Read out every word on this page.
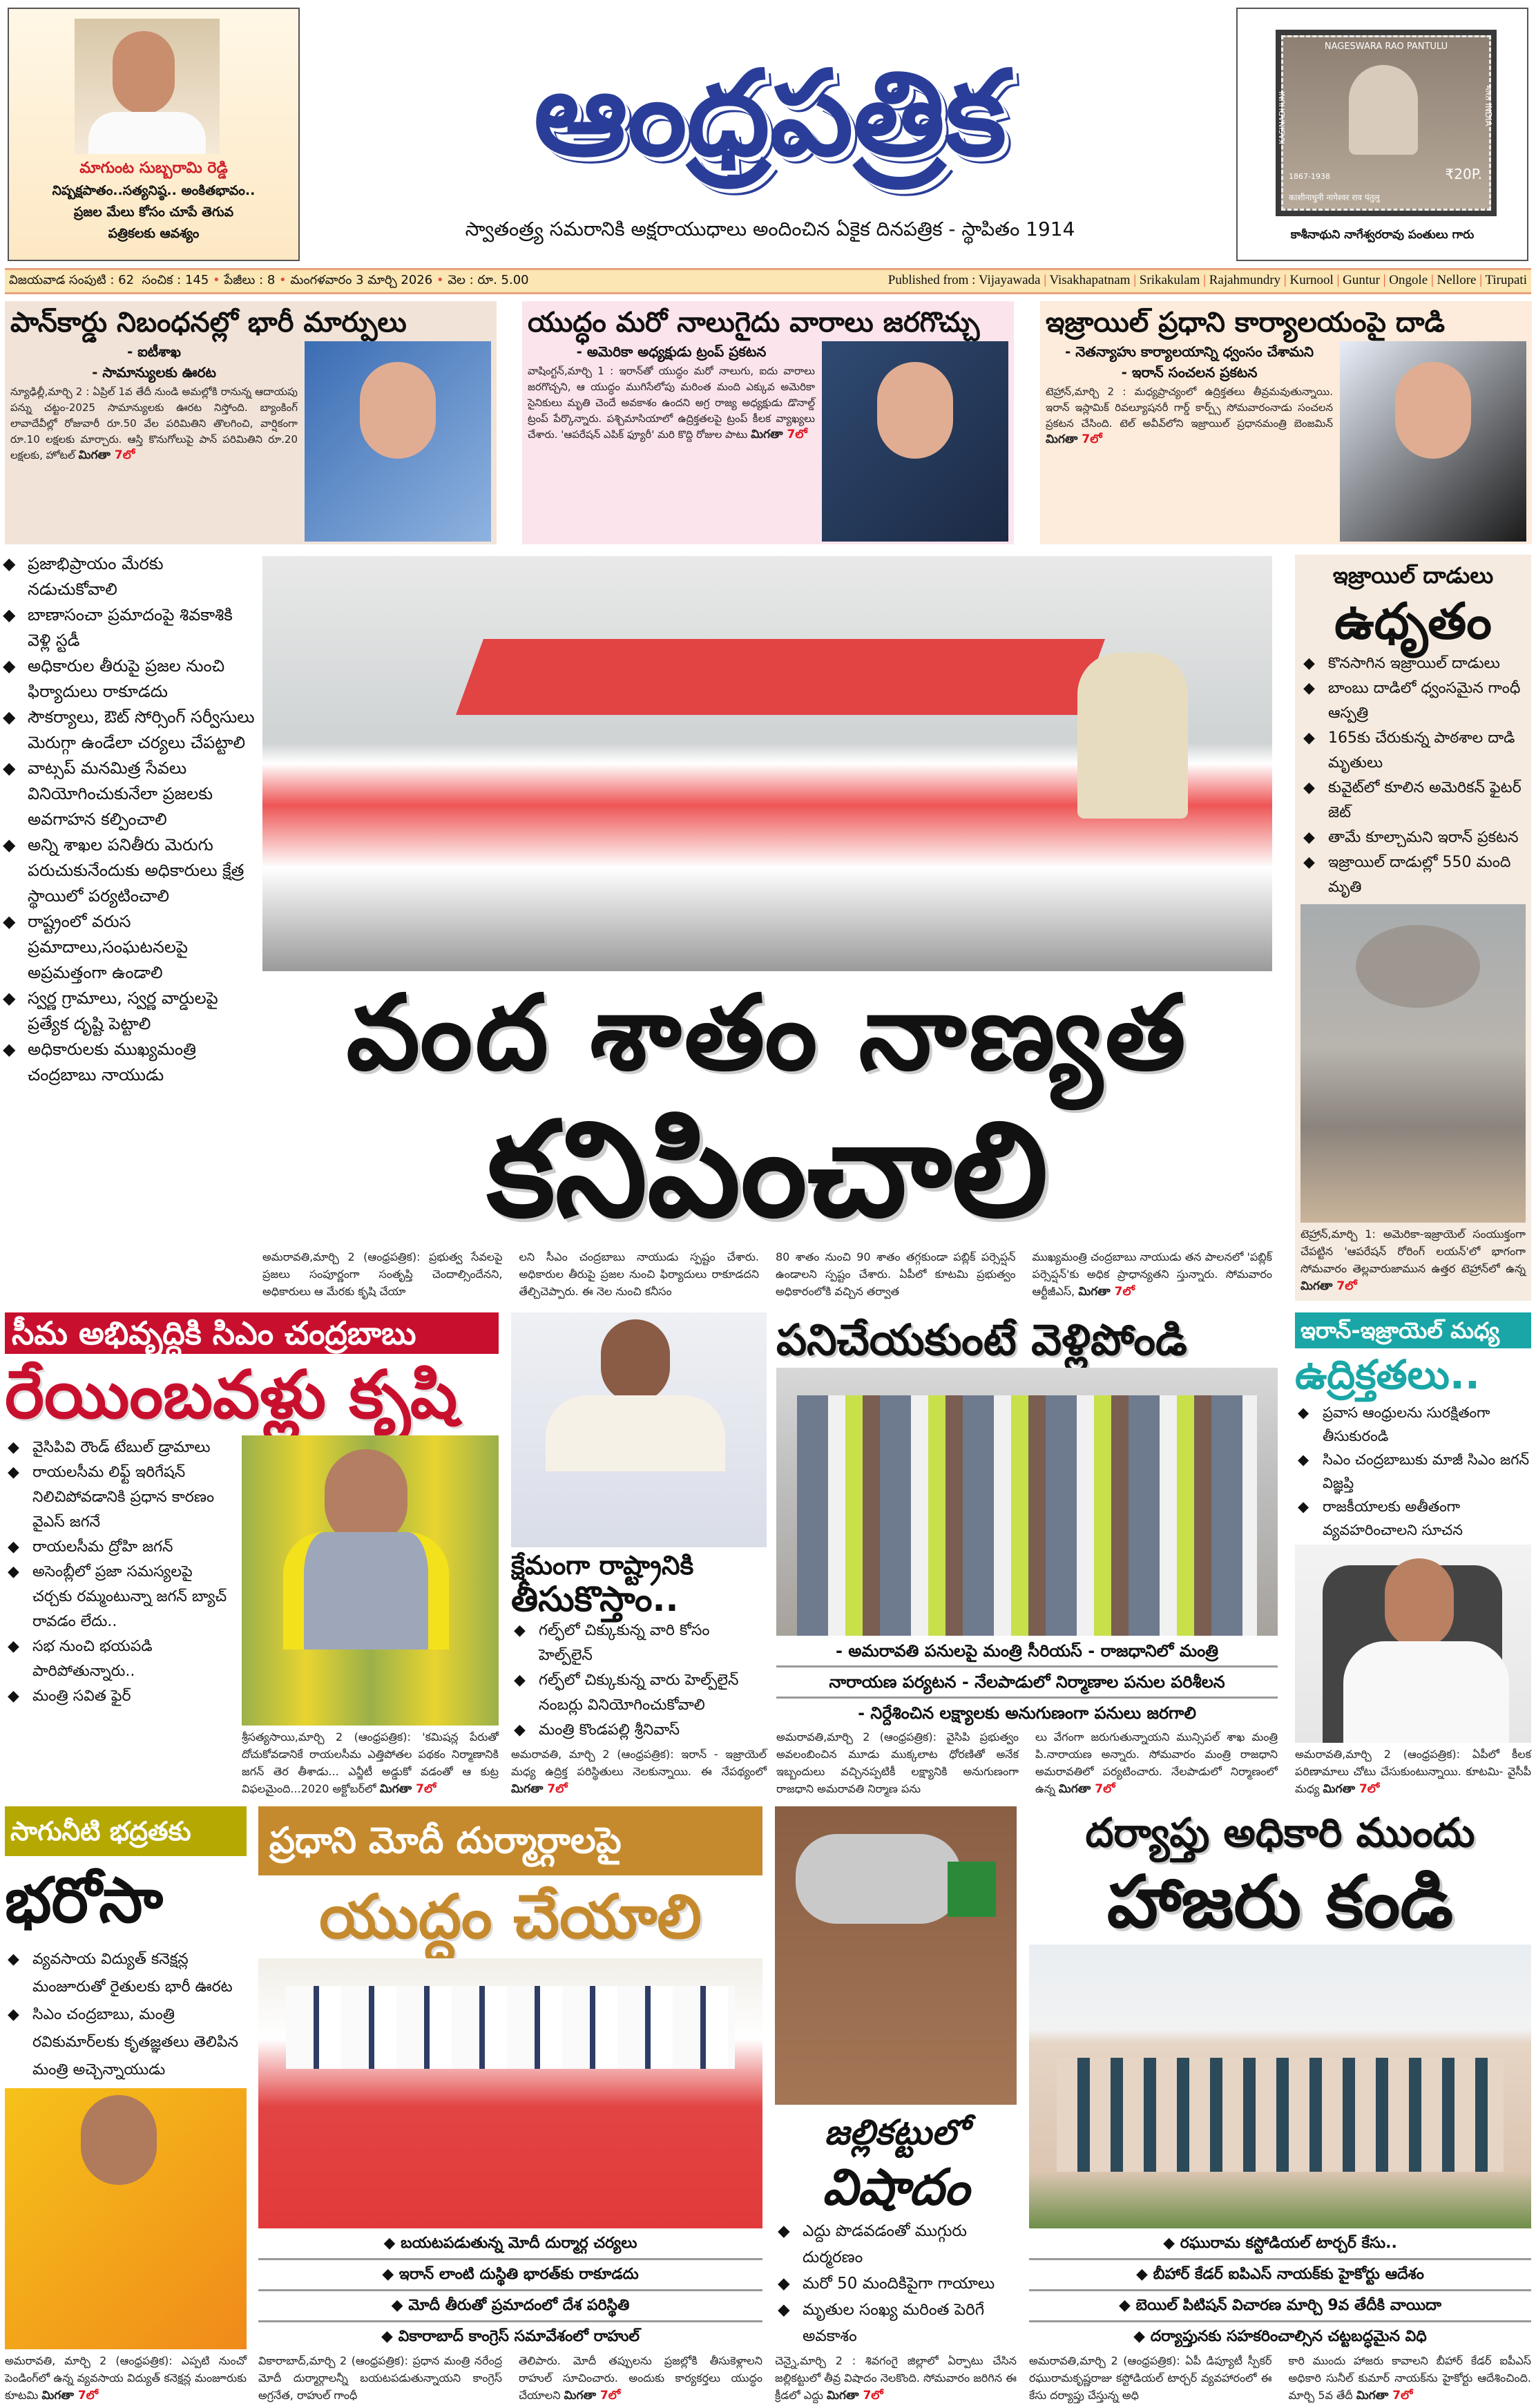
మాగుంట సుబ్బరామి రెడ్డి
నిష్పక్షపాతం..సత్యనిష్ఠ.. అంకితభావం..
ప్రజల మేలు కోసం చూపే తెగువ
పత్రికలకు ఆవశ్యం
ఆంధ్రపత్రిక
స్వాతంత్ర్య సమరానికి అక్షరాయుధాలు అందించిన ఏకైక దినపత్రిక - స్థాపితం 1914
NAGESWARA RAO PANTULU
KASINADHUNI	भारत INDIA
1867-1938	₹20P.
काशीनाधुनी नागेश्वर राव पंतुलु
కాశీనాథుని నాగేశ్వరరావు పంతులు గారు
విజయవాడ సంపుటి : 62 సంచిక : 145 • పేజీలు : 8 • మంగళవారం 3 మార్చి 2026 • వెల : రూ. 5.00	Published from : Vijayawada | Visakhapatnam | Srikakulam | Rajahmundry | Kurnool | Guntur | Ongole | Nellore | Tirupati
పాన్‌కార్డు నిబంధనల్లో భారీ మార్పులు
- ఐటీశాఖ
- సామాన్యులకు ఊరట
న్యూఢిల్లీ,మార్చి 2 : ఏప్రిల్ 1వ తేదీ నుండి అమల్లోకి రానున్న ఆదాయపు పన్ను చట్టం-2025 సామాన్యులకు ఊరట నిస్తోంది. బ్యాంకింగ్ లావాదేవీల్లో రోజువారీ రూ.50 వేల పరిమితిని తొలగించి, వార్షికంగా రూ.10 లక్షలకు మార్చారు. ఆస్తి కొనుగోలుపై పాన్ పరిమితిని రూ.20 లక్షలకు, హోటల్ మిగతా 7లో
యుద్ధం మరో నాలుగైదు వారాలు జరగొచ్చు
- అమెరికా అధ్యక్షుడు ట్రంప్ ప్రకటన
వాషింగ్టన్,మార్చి 1 : ఇరాన్‌తో యుద్ధం మరో నాలుగు, ఐదు వారాలు జరగొచ్చని, ఆ యుద్ధం ముగిసేలోపు మరింత మంది ఎక్కువ అమెరికా సైనికులు మృతి చెందే అవకాశం ఉందని అగ్ర రాజ్య అధ్యక్షుడు డొనాల్డ్ ట్రంప్ పేర్కొన్నారు. పశ్చిమాసియాలో ఉద్రిక్తతలపై ట్రంప్ కీలక వ్యాఖ్యలు చేశారు. 'ఆపరేషన్ ఎపిక్ ఫ్యూరీ' మరి కొద్ది రోజుల పాటు మిగతా 7లో
ఇజ్రాయిల్ ప్రధాని కార్యాలయంపై దాడి
- నెతన్యాహు కార్యాలయాన్ని ధ్వంసం చేశామని
- ఇరాన్ సంచలన ప్రకటన
టెహ్రాన్,మార్చి 2 : మధ్యప్రాచ్యంలో ఉద్రిక్తతలు తీవ్రమవుతున్నాయి. ఇరాన్ ఇస్లామిక్ రివల్యూషనరీ గార్డ్ కార్ప్స్ సోమవారంనాడు సంచలన ప్రకటన చేసింది. టెల్ అవీవ్‌లోని ఇజ్రాయిల్ ప్రధానమంత్రి బెంజమిన్ మిగతా 7లో
◆ ప్రజాభిప్రాయం మేరకు నడుచుకోవాలి
◆ బాణాసంచా ప్రమాదంపై శివకాశికి వెళ్లి స్టడీ
◆ అధికారుల తీరుపై ప్రజల నుంచి ఫిర్యాదులు రాకూడదు
◆ సౌకర్యాలు, ఔట్ సోర్సింగ్ సర్వీసులు మెరుగ్గా ఉండేలా చర్యలు చేపట్టాలి
◆ వాట్సప్ మనమిత్ర సేవలు వినియోగించుకునేలా ప్రజలకు అవగాహన కల్పించాలి
◆ అన్ని శాఖల పనితీరు మెరుగు పరుచుకునేందుకు అధికారులు క్షేత్ర స్థాయిలో పర్యటించాలి
◆ రాష్ట్రంలో వరుస ప్రమాదాలు,సంఘటనలపై అప్రమత్తంగా ఉండాలి
◆ స్వర్ణ గ్రామాలు, స్వర్ణ వార్డులపై ప్రత్యేక దృష్టి పెట్టాలి
◆ అధికారులకు ముఖ్యమంత్రి చంద్రబాబు నాయుడు	వంద శాతం నాణ్యత
కనిపించాలి
అమరావతి,మార్చి 2 (ఆంధ్రపత్రిక): ప్రభుత్వ సేవలపై ప్రజలు సంపూర్ణంగా సంతృప్తి చెందాల్సిందేనని, అధికారులు ఆ మేరకు కృషి చేయా
లని సీఎం చంద్రబాబు నాయుడు స్పష్టం చేశారు. అధికారుల తీరుపై ప్రజల నుంచి ఫిర్యాదులు రాకూడదని తేల్చిచెప్పారు. ఈ నెల నుంచి కనీసం
80 శాతం నుంచి 90 శాతం తగ్గకుండా పబ్లిక్ పర్సెప్షన్ ఉండాలని స్పష్టం చేశారు. ఏపీలో కూటమి ప్రభుత్వం అధికారంలోకి వచ్చిన తర్వాత
ముఖ్యమంత్రి చంద్రబాబు నాయుడు తన పాలనలో 'పబ్లిక్ పర్సెప్షన్'కు అధిక ప్రాధాన్యతని స్తున్నారు. సోమవారం ఆర్టీజీఎస్, మిగతా 7లో
ఇజ్రాయిల్ దాడులు
ఉధృతం
◆ కొనసాగిన ఇజ్రాయిల్ దాడులు
◆ బాంబు దాడిలో ధ్వంసమైన గాంధీ ఆస్పత్రి
◆ 165కు చేరుకున్న పాఠశాల దాడి మృతులు
◆ కువైట్‌లో కూలిన అమెరికన్ ఫైటర్ జెట్
◆ తామే కూల్చామని ఇరాన్ ప్రకటన
◆ ఇజ్రాయిల్ దాడుల్లో 550 మంది మృతి
టెహ్రాన్,మార్చి 1: అమెరికా-ఇజ్రాయెల్ సంయుక్తంగా చేపట్టిన 'ఆపరేషన్ రోరింగ్ లయన్'లో భాగంగా సోమవారం తెల్లవారుజామున ఉత్తర టెహ్రాన్‌లో ఉన్న మిగతా 7లో
సీమ అభివృద్ధికి సిఎం చంద్రబాబు
రేయింబవళ్లు కృషి
◆ వైసిపివి రౌండ్ టేబుల్ డ్రామాలు
◆ రాయలసీమ లిఫ్ట్ ఇరిగేషన్ నిలిచిపోవడానికి ప్రధాన కారణం వైఎస్ జగనే
◆ రాయలసీమ ద్రోహి జగన్
◆ అసెంబ్లీలో ప్రజా సమస్యలపై చర్చకు రమ్మంటున్నా జగన్ బ్యాచ్ రావడం లేదు..
◆ సభ నుంచి భయపడి పారిపోతున్నారు..
◆ మంత్రి సవిత ఫైర్
శ్రీసత్యసాయి,మార్చి 2 (ఆంధ్రపత్రిక): 'కమిషన్ల పేరుతో దోచుకోవడానికే రాయలసీమ ఎత్తిపోతల పథకం నిర్మాణానికి జగన్ తెర తీశాడు... ఎన్జీటీ అడ్డుకో వడంతో ఆ కుట్ర విఫలమైంది...2020 అక్టోబర్‌లో మిగతా 7లో
క్షేమంగా రాష్ట్రానికి
తీసుకొస్తాం..
◆ గల్ఫ్‌లో చిక్కుకున్న వారి కోసం హెల్ప్‌లైన్
◆ గల్ఫ్‌లో చిక్కుకున్న వారు హెల్ప్‌లైన్ నంబర్లు వినియోగించుకోవాలి
◆ మంత్రి కొండపల్లి శ్రీనివాస్
అమరావతి, మార్చి 2 (ఆంధ్రపత్రిక): ఇరాన్ - ఇజ్రాయెల్ మధ్య ఉద్రిక్త పరిస్థితులు నెలకున్నాయి. ఈ నేపథ్యంలో మిగతా 7లో
పనిచేయకుంటే వెళ్లిపోండి
- అమరావతి పనులపై మంత్రి సీరియస్ - రాజధానిలో మంత్రి
నారాయణ పర్యటన - నేలపాడులో నిర్మాణాల పనుల పరిశీలన
- నిర్దేశించిన లక్ష్యాలకు అనుగుణంగా పనులు జరగాలి
అమరావతి,మార్చి 2 (ఆంధ్రపత్రిక): వైసిపి ప్రభుత్వం అవలంబించిన మూడు ముక్కలాట ధోరణితో అనేక ఇబ్బందులు వచ్చినప్పటికీ లక్ష్యానికి అనుగుణంగా రాజధాని అమరావతి నిర్మాణ పను
లు వేగంగా జరుగుతున్నాయని మున్సిపల్ శాఖ మంత్రి పి.నారాయణ అన్నారు. సోమవారం మంత్రి రాజధాని అమరావతిలో పర్యటించారు. నేలపాడులో నిర్మాణంలో ఉన్న మిగతా 7లో
ఇరాన్-ఇజ్రాయెల్ మధ్య
ఉద్రిక్తతలు..
◆ ప్రవాస ఆంధ్రులను సురక్షితంగా తీసుకురండి
◆ సిఎం చంద్రబాబుకు మాజీ సిఎం జగన్ విజ్ఞప్తి
◆ రాజకీయాలకు అతీతంగా వ్యవహరించాలని సూచన
అమరావతి,మార్చి 2 (ఆంధ్రపత్రిక): ఏపీలో కీలక పరిణామాలు చోటు చేసుకుంటున్నాయి. కూటమి- వైసీపీ మధ్య మిగతా 7లో
సాగునీటి భద్రతకు
భరోసా
◆ వ్యవసాయ విద్యుత్ కనెక్షన్ల మంజూరుతో రైతులకు భారీ ఊరట
◆ సిఎం చంద్రబాబు, మంత్రి రవికుమార్‌లకు కృతజ్ఞతలు తెలిపిన మంత్రి అచ్చెన్నాయుడు
అమరావతి, మార్చి 2 (ఆంధ్రపత్రిక): ఎప్పటి నుంచో పెండింగ్‌లో ఉన్న వ్యవసాయ విద్యుత్ కనెక్షన్ల మంజూరుకు కూటమి మిగతా 7లో
ప్రధాని మోదీ దుర్మార్గాలపై
యుద్ధం చేయాలి
◆ బయటపడుతున్న మోదీ దుర్మార్గ చర్యలు
◆ ఇరాన్ లాంటి దుస్థితి భారత్‌కు రాకూడదు
◆ మోదీ తీరుతో ప్రమాదంలో దేశ పరిస్థితి
◆ వికారాబాద్ కాంగ్రెస్ సమావేశంలో రాహుల్
వికారాబాద్,మార్చి 2 (ఆంధ్రపత్రిక): ప్రధాన మంత్రి నరేంద్ర మోదీ దుర్మార్గాలన్నీ బయటపడుతున్నాయని కాంగ్రెస్ అగ్రనేత, రాహుల్ గాంధీ
తెలిపారు. మోదీ తప్పులను ప్రజల్లోకి తీసుకెళ్లాలని రాహుల్ సూచించారు. అందుకు కార్యకర్తలు యుద్ధం చేయాలని మిగతా 7లో
జల్లికట్టులో
విషాదం
◆ ఎద్దు పొడవడంతో ముగ్గురు దుర్మరణం
◆ మరో 50 మందికిపైగా గాయాలు
◆ మృతుల సంఖ్య మరింత పెరిగే అవకాశం
చెన్నై,మార్చి 2 : శివగంగై జిల్లాలో ఏర్పాటు చేసిన జల్లికట్టులో తీవ్ర విషాదం నెలకొంది. సోమవారం జరిగిన ఈ క్రీడలో ఎద్దు మిగతా 7లో
దర్యాప్తు అధికారి ముందు
హాజరు కండి
◆ రఘురామ కస్టోడియల్ టార్చర్ కేసు..
◆ బీహార్ కేడర్ ఐపిఎస్ నాయక్‌కు హైకోర్టు ఆదేశం
◆ బెయిల్ పిటిషన్ విచారణ మార్చి 9వ తేదీకి వాయిదా
◆ దర్యాప్తునకు సహకరించాల్సిన చట్టబద్ధమైన విధి
అమరావతి,మార్చి 2 (ఆంధ్రపత్రిక): ఏపీ డిప్యూటీ స్పీకర్ రఘురామకృష్ణరాజు కస్టోడియల్ టార్చర్ వ్యవహారంలో ఈ కేసు దర్యాప్తు చేస్తున్న అధి
కారి ముందు హాజరు కావాలని బీహార్ కేడర్ ఐపీఎస్ అధికారి సునీల్ కుమార్ నాయక్‌ను హైకోర్టు ఆదేశించింది. మార్చి 5వ తేదీ మిగతా 7లో
